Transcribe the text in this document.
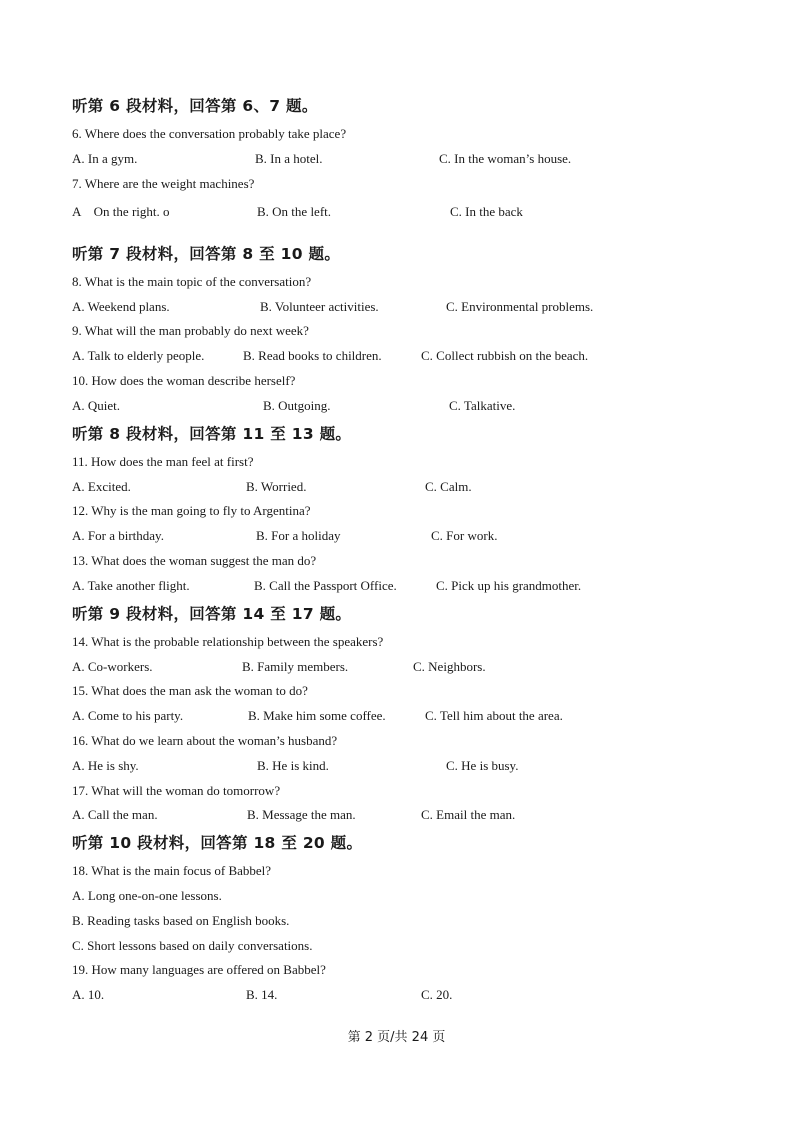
听第 6 段材料，回答第 6、7 题。
6. Where does the conversation probably take place?
A. In a gym.	B. In a hotel.	C. In the woman’s house.
7. Where are the weight machines?
A　On the right. o	B. On the left.	C. In the back
听第 7 段材料，回答第 8 至 10 题。
8. What is the main topic of the conversation?
A. Weekend plans.	B. Volunteer activities.	C. Environmental problems.
9. What will the man probably do next week?
A. Talk to elderly people.	B. Read books to children.	C. Collect rubbish on the beach.
10. How does the woman describe herself?
A. Quiet.	B. Outgoing.	C. Talkative.
听第 8 段材料，回答第 11 至 13 题。
11. How does the man feel at first?
A. Excited.	B. Worried.	C. Calm.
12. Why is the man going to fly to Argentina?
A. For a birthday.	B. For a holiday	C. For work.
13. What does the woman suggest the man do?
A. Take another flight.	B. Call the Passport Office.	C. Pick up his grandmother.
听第 9 段材料，回答第 14 至 17 题。
14. What is the probable relationship between the speakers?
A. Co-workers.	B. Family members.	C. Neighbors.
15. What does the man ask the woman to do?
A. Come to his party.	B. Make him some coffee.	C. Tell him about the area.
16. What do we learn about the woman’s husband?
A. He is shy.	B. He is kind.	C. He is busy.
17. What will the woman do tomorrow?
A. Call the man.	B. Message the man.	C. Email the man.
听第 10 段材料，回答第 18 至 20 题。
18. What is the main focus of Babbel?
A. Long one-on-one lessons.
B. Reading tasks based on English books.
C. Short lessons based on daily conversations.
19. How many languages are offered on Babbel?
A. 10.	B. 14.	C. 20.
第 2 页/共 24 页
